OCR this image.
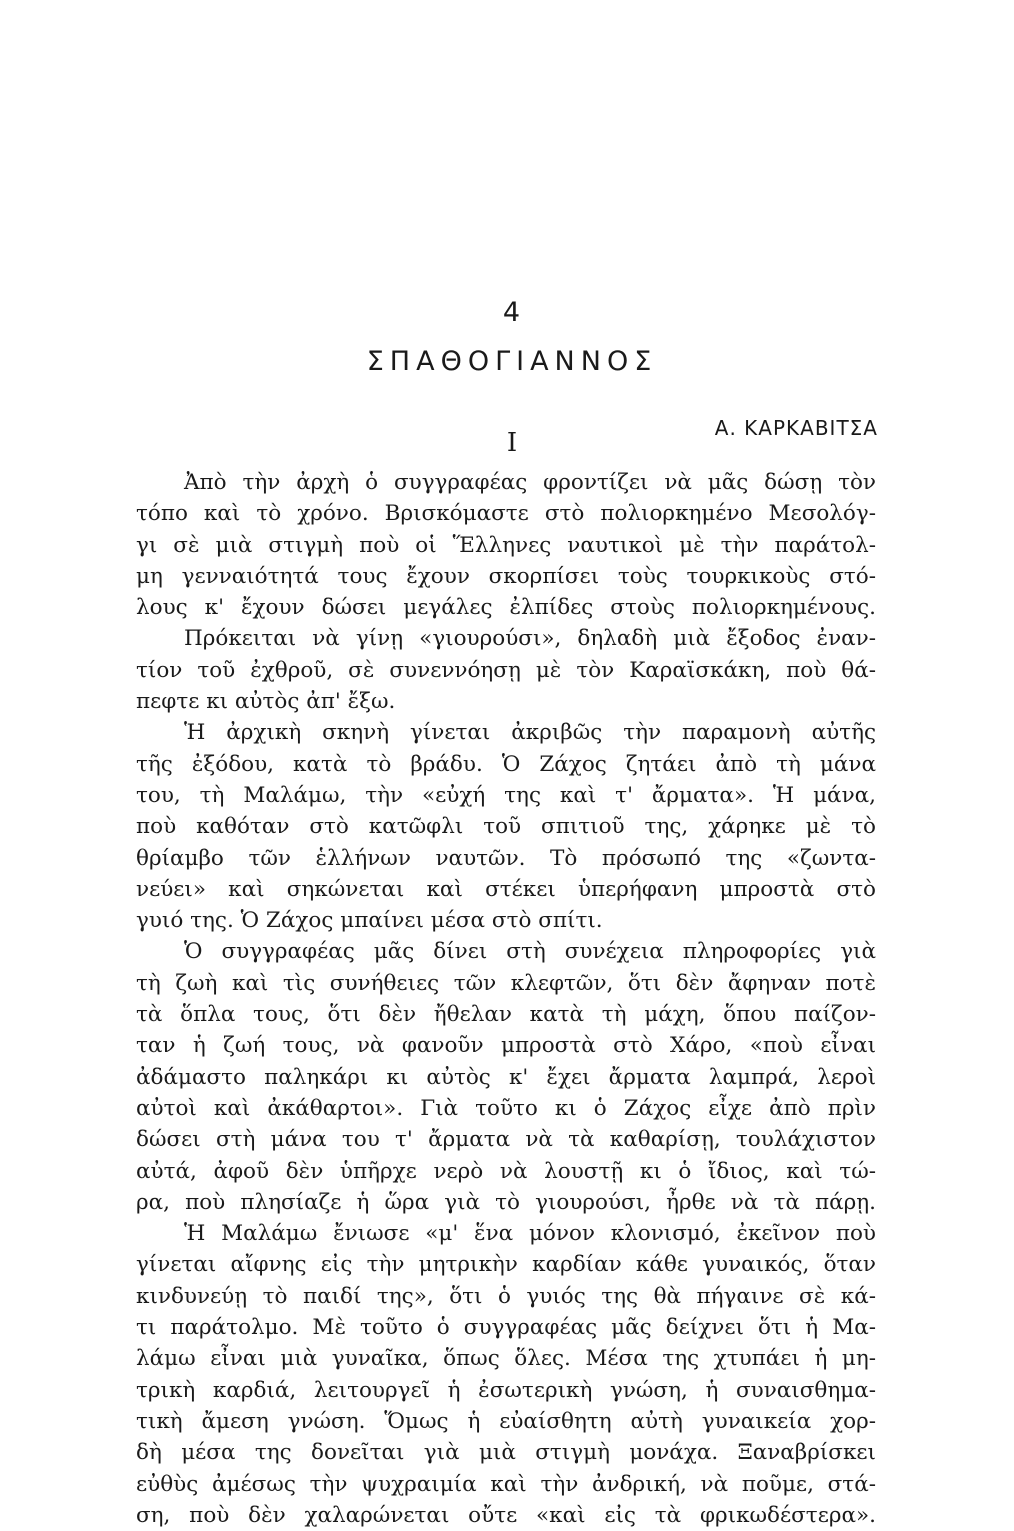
4
ΣΠΑΘΟΓΙΑΝΝΟΣ
Α. ΚΑΡΚΑΒΙΤΣΑ
I
Ἀπὸ τὴν ἀρχὴ ὁ συγγραφέας φροντίζει νὰ μᾶς δώσῃ τὸν
τόπο καὶ τὸ χρόνο. Βρισκόμαστε στὸ πολιορκημένο Μεσολόγ-
γι σὲ μιὰ στιγμὴ ποὺ οἱ Ἕλληνες ναυτικοὶ μὲ τὴν παράτολ-
μη γενναιότητά τους ἔχουν σκορπίσει τοὺς τουρκικοὺς στό-
λους κ' ἔχουν δώσει μεγάλες ἐλπίδες στοὺς πολιορκημένους.
Πρόκειται νὰ γίνῃ «γιουρούσι», δηλαδὴ μιὰ ἔξοδος ἐναν-
τίον τοῦ ἐχθροῦ, σὲ συνεννόησῃ μὲ τὸν Καραϊσκάκη, ποὺ θά-
πεφτε κι αὐτὸς ἀπ' ἔξω.
Ἡ ἀρχικὴ σκηνὴ γίνεται ἀκριβῶς τὴν παραμονὴ αὐτῆς
τῆς ἐξόδου, κατὰ τὸ βράδυ. Ὁ Ζάχος ζητάει ἀπὸ τὴ μάνα
του, τὴ Μαλάμω, τὴν «εὐχή της καὶ τ' ἄρματα». Ἡ μάνα,
ποὺ καθόταν στὸ κατῶφλι τοῦ σπιτιοῦ της, χάρηκε μὲ τὸ
θρίαμβο τῶν ἑλλήνων ναυτῶν. Τὸ πρόσωπό της «ζωντα-
νεύει» καὶ σηκώνεται καὶ στέκει ὑπερήφανη μπροστὰ στὸ
γυιό της. Ὁ Ζάχος μπαίνει μέσα στὸ σπίτι.
Ὁ συγγραφέας μᾶς δίνει στὴ συνέχεια πληροφορίες γιὰ
τὴ ζωὴ καὶ τὶς συνήθειες τῶν κλεφτῶν, ὅτι δὲν ἄφηναν ποτὲ
τὰ ὅπλα τους, ὅτι δὲν ἤθελαν κατὰ τὴ μάχη, ὅπου παίζον-
ταν ἡ ζωή τους, νὰ φανοῦν μπροστὰ στὸ Χάρο, «ποὺ εἶναι
ἀδάμαστο παληκάρι κι αὐτὸς κ' ἔχει ἄρματα λαμπρά, λεροὶ
αὐτοὶ καὶ ἀκάθαρτοι». Γιὰ τοῦτο κι ὁ Ζάχος εἶχε ἀπὸ πρὶν
δώσει στὴ μάνα του τ' ἄρματα νὰ τὰ καθαρίσῃ, τουλάχιστον
αὐτά, ἀφοῦ δὲν ὑπῆρχε νερὸ νὰ λουστῇ κι ὁ ἴδιος, καὶ τώ-
ρα, ποὺ πλησίαζε ἡ ὥρα γιὰ τὸ γιουρούσι, ἦρθε νὰ τὰ πάρῃ.
Ἡ Μαλάμω ἔνιωσε «μ' ἕνα μόνον κλονισμό, ἐκεῖνον ποὺ
γίνεται αἴφνης εἰς τὴν μητρικὴν καρδίαν κάθε γυναικός, ὅταν
κινδυνεύῃ τὸ παιδί της», ὅτι ὁ γυιός της θὰ πήγαινε σὲ κά-
τι παράτολμο. Μὲ τοῦτο ὁ συγγραφέας μᾶς δείχνει ὅτι ἡ Μα-
λάμω εἶναι μιὰ γυναῖκα, ὅπως ὅλες. Μέσα της χτυπάει ἡ μη-
τρικὴ καρδιά, λειτουργεῖ ἡ ἐσωτερικὴ γνώση, ἡ συναισθημα-
τικὴ ἄμεση γνώση. Ὅμως ἡ εὐαίσθητη αὐτὴ γυναικεία χορ-
δὴ μέσα της δονεῖται γιὰ μιὰ στιγμὴ μονάχα. Ξαναβρίσκει
εὐθὺς ἀμέσως τὴν ψυχραιμία καὶ τὴν ἀνδρική, νὰ ποῦμε, στά-
ση, ποὺ δὲν χαλαρώνεται οὔτε «καὶ εἰς τὰ φρικωδέστερα».
